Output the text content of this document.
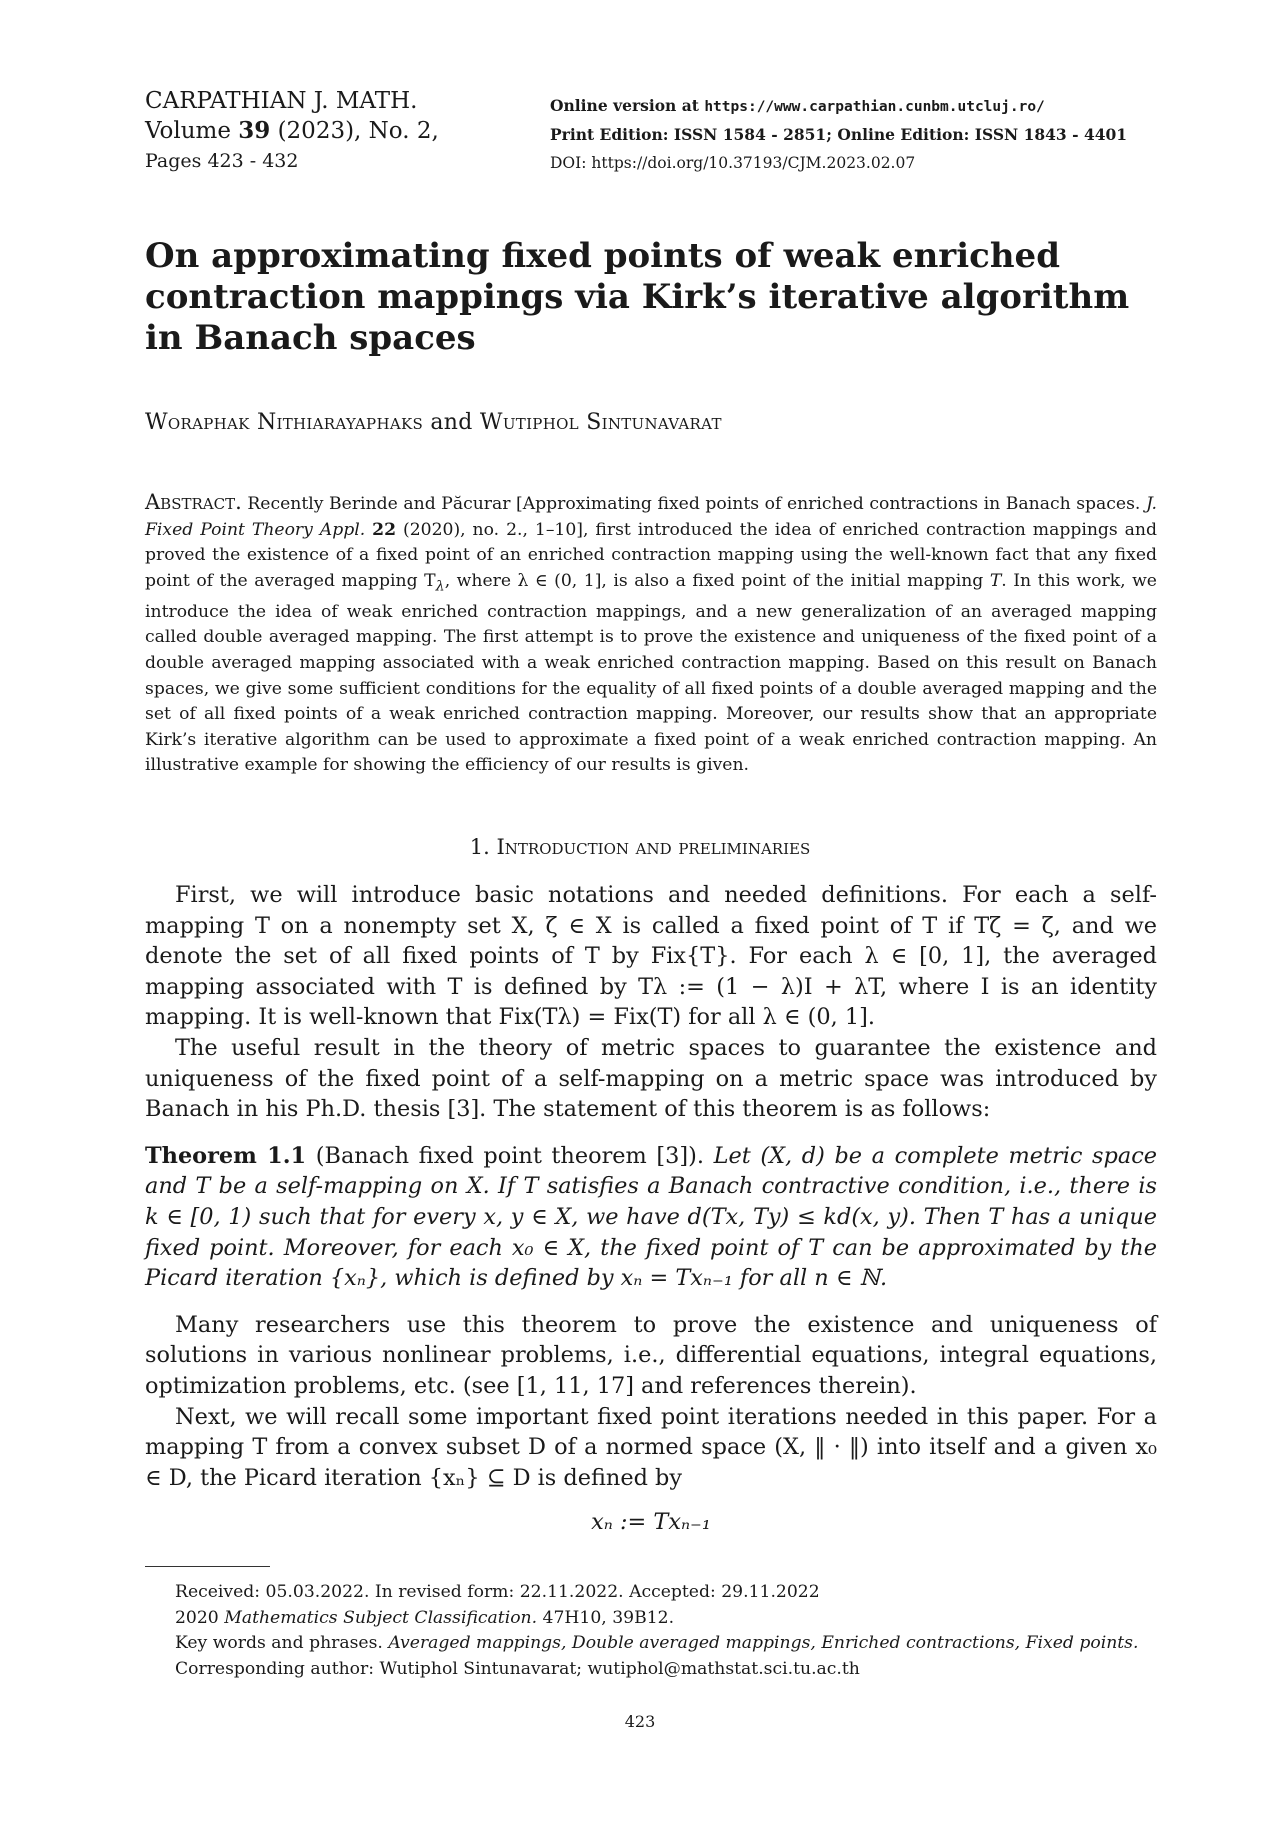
CARPATHIAN J. MATH.
Volume 39 (2023), No. 2,
Pages 423 - 432
Online version at https://www.carpathian.cunbm.utcluj.ro/
Print Edition: ISSN 1584 - 2851; Online Edition: ISSN 1843 - 4401
DOI: https://doi.org/10.37193/CJM.2023.02.07
On approximating fixed points of weak enriched contraction mappings via Kirk’s iterative algorithm in Banach spaces
Woraphak Nithiarayaphaks and Wutiphol Sintunavarat
Abstract. Recently Berinde and Păcurar [Approximating fixed points of enriched contractions in Banach spaces. J. Fixed Point Theory Appl. 22 (2020), no. 2., 1–10], first introduced the idea of enriched contraction mappings and proved the existence of a fixed point of an enriched contraction mapping using the well-known fact that any fixed point of the averaged mapping $T_\lambda$, where λ ∈ (0, 1], is also a fixed point of the initial mapping T. In this work, we introduce the idea of weak enriched contraction mappings, and a new generalization of an averaged mapping called double averaged mapping. The first attempt is to prove the existence and uniqueness of the fixed point of a double averaged mapping associated with a weak enriched contraction mapping. Based on this result on Banach spaces, we give some sufficient conditions for the equality of all fixed points of a double averaged mapping and the set of all fixed points of a weak enriched contraction mapping. Moreover, our results show that an appropriate Kirk’s iterative algorithm can be used to approximate a fixed point of a weak enriched contraction mapping. An illustrative example for showing the efficiency of our results is given.
1. Introduction and preliminaries

First, we will introduce basic notations and needed definitions. For each a self-mapping T on a nonempty set X, ζ ∈ X is called a fixed point of T if Tζ = ζ, and we denote the set of all fixed points of T by Fix{T}. For each λ ∈ [0, 1], the averaged mapping associated with T is defined by Tλ := (1 − λ)I + λT, where I is an identity mapping. It is well-known that Fix(Tλ) = Fix(T) for all λ ∈ (0, 1].

The useful result in the theory of metric spaces to guarantee the existence and uniqueness of the fixed point of a self-mapping on a metric space was introduced by Banach in his Ph.D. thesis [3]. The statement of this theorem is as follows:

Theorem 1.1 (Banach fixed point theorem [3]). Let (X, d) be a complete metric space and T be a self-mapping on X. If T satisfies a Banach contractive condition, i.e., there is k ∈ [0, 1) such that for every x, y ∈ X, we have d(Tx, Ty) ≤ kd(x, y). Then T has a unique fixed point. Moreover, for each x₀ ∈ X, the fixed point of T can be approximated by the Picard iteration {xₙ}, which is defined by xₙ = Txₙ₋₁ for all n ∈ ℕ.

Many researchers use this theorem to prove the existence and uniqueness of solutions in various nonlinear problems, i.e., differential equations, integral equations, optimization problems, etc. (see [1, 11, 17] and references therein).

Next, we will recall some important fixed point iterations needed in this paper. For a mapping T from a convex subset D of a normed space (X, ‖ · ‖) into itself and a given x₀ ∈ D, the Picard iteration {xₙ} ⊆ D is defined by

xₙ := Txₙ₋₁

Received: 05.03.2022. In revised form: 22.11.2022. Accepted: 29.11.2022
2020 Mathematics Subject Classification. 47H10, 39B12.
Key words and phrases. Averaged mappings, Double averaged mappings, Enriched contractions, Fixed points.
Corresponding author: Wutiphol Sintunavarat; wutiphol@mathstat.sci.tu.ac.th
423
